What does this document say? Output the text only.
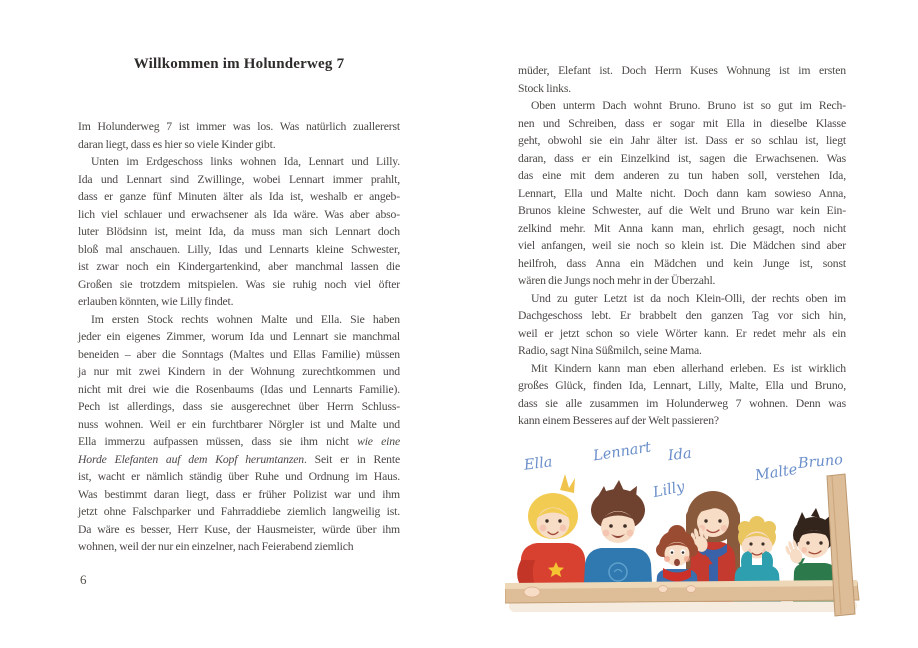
Willkommen im Holunderweg 7
Im Holunderweg 7 ist immer was los. Was natürlich zuallererst
daran liegt, dass es hier so viele Kinder gibt.
Unten im Erdgeschoss links wohnen Ida, Lennart und Lilly.
Ida und Lennart sind Zwillinge, wobei Lennart immer prahlt,
dass er ganze fünf Minuten älter als Ida ist, weshalb er angeb-
lich viel schlauer und erwachsener als Ida wäre. Was aber abso-
luter Blödsinn ist, meint Ida, da muss man sich Lennart doch
bloß mal anschauen. Lilly, Idas und Lennarts kleine Schwester,
ist zwar noch ein Kindergartenkind, aber manchmal lassen die
Großen sie trotzdem mitspielen. Was sie ruhig noch viel öfter
erlauben könnten, wie Lilly findet.
Im ersten Stock rechts wohnen Malte und Ella. Sie haben
jeder ein eigenes Zimmer, worum Ida und Lennart sie manchmal
beneiden – aber die Sonntags (Maltes und Ellas Familie) müssen
ja nur mit zwei Kindern in der Wohnung zurechtkommen und
nicht mit drei wie die Rosenbaums (Idas und Lennarts Familie).
Pech ist allerdings, dass sie ausgerechnet über Herrn Schluss-
nuss wohnen. Weil er ein furchtbarer Nörgler ist und Malte und
Ella immerzu aufpassen müssen, dass sie ihm nicht wie eine
Horde Elefanten auf dem Kopf herumtanzen. Seit er in Rente
ist, wacht er nämlich ständig über Ruhe und Ordnung im Haus.
Was bestimmt daran liegt, dass er früher Polizist war und ihm
jetzt ohne Falschparker und Fahrraddiebe ziemlich langweilig ist.
Da wäre es besser, Herr Kuse, der Hausmeister, würde über ihm
wohnen, weil der nur ein einzelner, nach Feierabend ziemlich
6
müder, Elefant ist. Doch Herrn Kuses Wohnung ist im ersten
Stock links.
Oben unterm Dach wohnt Bruno. Bruno ist so gut im Rech-
nen und Schreiben, dass er sogar mit Ella in dieselbe Klasse
geht, obwohl sie ein Jahr älter ist. Dass er so schlau ist, liegt
daran, dass er ein Einzelkind ist, sagen die Erwachsenen. Was
das eine mit dem anderen zu tun haben soll, verstehen Ida,
Lennart, Ella und Malte nicht. Doch dann kam sowieso Anna,
Brunos kleine Schwester, auf die Welt und Bruno war kein Ein-
zelkind mehr. Mit Anna kann man, ehrlich gesagt, noch nicht
viel anfangen, weil sie noch so klein ist. Die Mädchen sind aber
heilfroh, dass Anna ein Mädchen und kein Junge ist, sonst
wären die Jungs noch mehr in der Überzahl.
Und zu guter Letzt ist da noch Klein-Olli, der rechts oben im
Dachgeschoss lebt. Er brabbelt den ganzen Tag vor sich hin,
weil er jetzt schon so viele Wörter kann. Er redet mehr als ein
Radio, sagt Nina Süßmilch, seine Mama.
Mit Kindern kann man eben allerhand erleben. Es ist wirklich
großes Glück, finden Ida, Lennart, Lilly, Malte, Ella und Bruno,
dass sie alle zusammen im Holunderweg 7 wohnen. Denn was
kann einem Besseres auf der Welt passieren?
Ella	Lennart Ida
Lilly
Malte
Bruno
